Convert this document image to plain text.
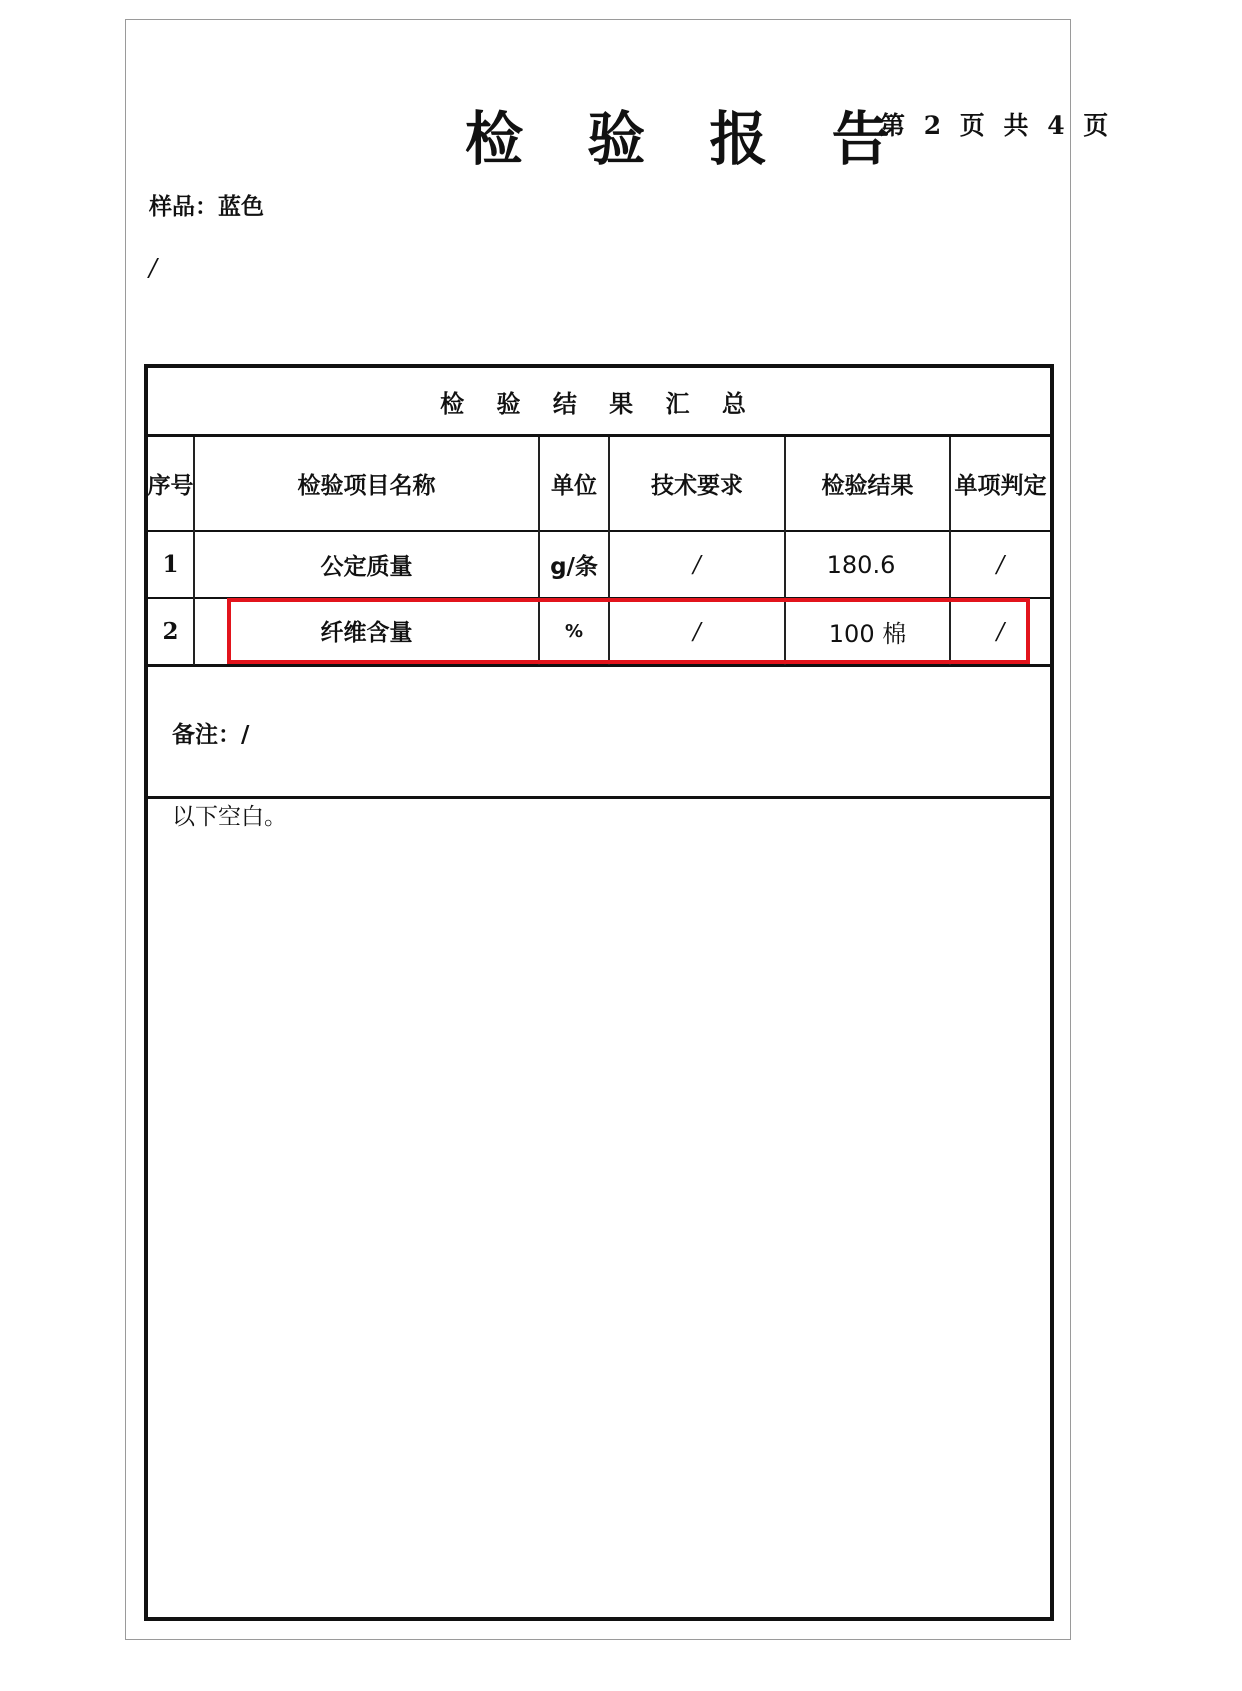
检 验 报 告
第 2 页 共 4 页
样品：蓝色
/
检 验 结 果 汇 总
序号	检验项目名称	单位	技术要求	检验结果	单项判定
1	公定质量	g/条	/	180.6	/
2	纤维含量	%	/	100 棉	/
备注：/
以下空白。
